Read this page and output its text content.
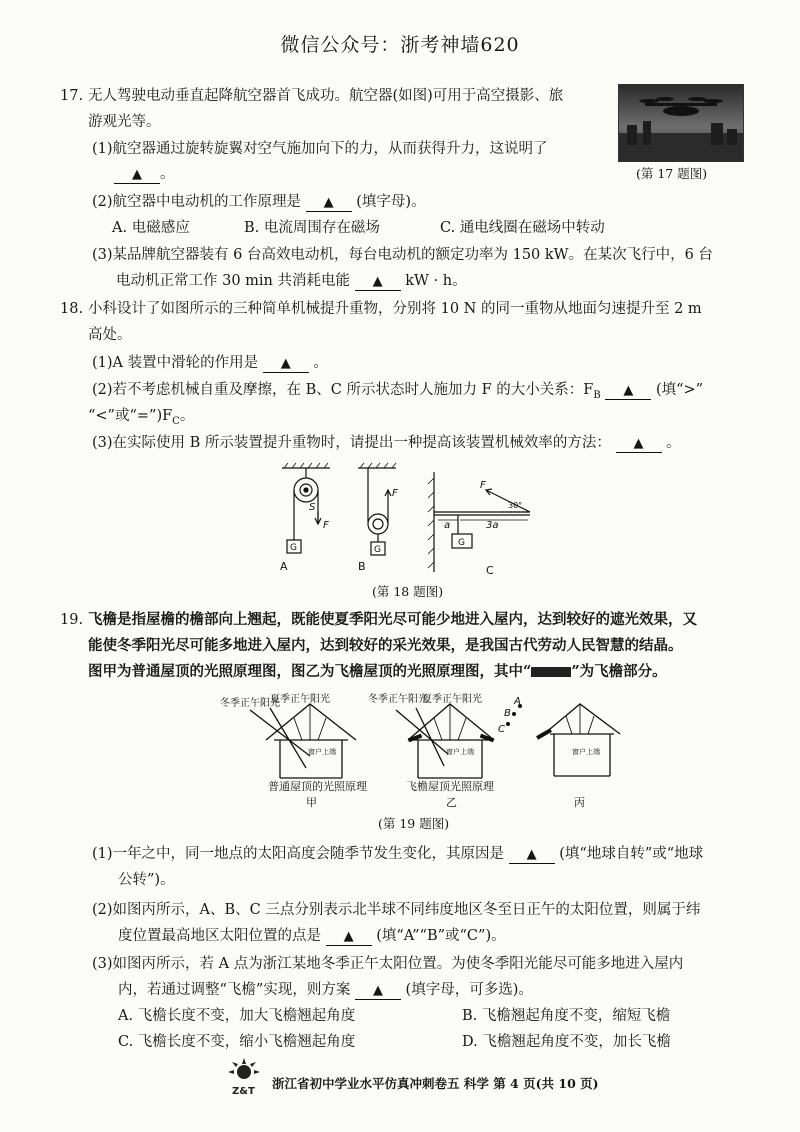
微信公众号：浙考神墙620
17. 无人驾驶电动垂直起降航空器首飞成功。航空器(如图)可用于高空摄影、旅
游观光等。
(第 17 题图)
(1)航空器通过旋转旋翼对空气施加向下的力，从而获得升力，这说明了
▲ 。
(2)航空器中电动机的工作原理是 ▲ (填字母)。
A. 电磁感应	B. 电流周围存在磁场	C. 通电线圈在磁场中转动
(3)某品牌航空器装有 6 台高效电动机，每台电动机的额定功率为 150 kW。在某次飞行中，6 台
电动机正常工作 30 min 共消耗电能 ▲ kW · h。
18. 小科设计了如图所示的三种简单机械提升重物，分别将 10 N 的同一重物从地面匀速提升至 2 m
高处。
(1)A 装置中滑轮的作用是 ▲ 。
(2)若不考虑机械自重及摩擦，在 B、C 所示状态时人施加力 F 的大小关系：$F_B$ ▲ (填“>”
“<”或“$=”)F_C$。
(3)在实际使用 B 所示装置提升重物时，请提出一种提高该装置机械效率的方法： ▲ 。
S
F
G
F
G
F
30°
a	3a
G
A	B	C
(第 18 题图)
19. 飞檐是指屋檐的檐部向上翘起，既能使夏季阳光尽可能少地进入屋内，达到较好的遮光效果，又
能使冬季阳光尽可能多地进入屋内，达到较好的采光效果，是我国古代劳动人民智慧的结晶。
图甲为普通屋顶的光照原理图，图乙为飞檐屋顶的光照原理图，其中“	”为飞檐部分。
冬季正午阳光
夏季正午阳光
窗户上端
冬季正午阳光
夏季正午阳光
窗户上端	窗户上端
C
B
A
普通屋顶的光照原理	飞檐屋顶光照原理
甲	乙	丙
(第 19 题图)
(1)一年之中，同一地点的太阳高度会随季节发生变化，其原因是 ▲ (填“地球自转”或“地球
公转”)。
(2)如图丙所示，A、B、C 三点分别表示北半球不同纬度地区冬至日正午的太阳位置，则属于纬
度位置最高地区太阳位置的点是 ▲ (填“A”“B”或“C”)。
(3)如图丙所示，若 A 点为浙江某地冬季正午太阳位置。为使冬季阳光能尽可能多地进入屋内
内，若通过调整“飞檐”实现，则方案 ▲ (填字母，可多选)。
A. 飞檐长度不变，加大飞檐翘起角度	B. 飞檐翘起角度不变，缩短飞檐
C. 飞檐长度不变，缩小飞檐翘起角度	D. 飞檐翘起角度不变，加长飞檐
Z&T
浙江省初中学业水平仿真冲刺卷五 科学 第 4 页(共 10 页)
